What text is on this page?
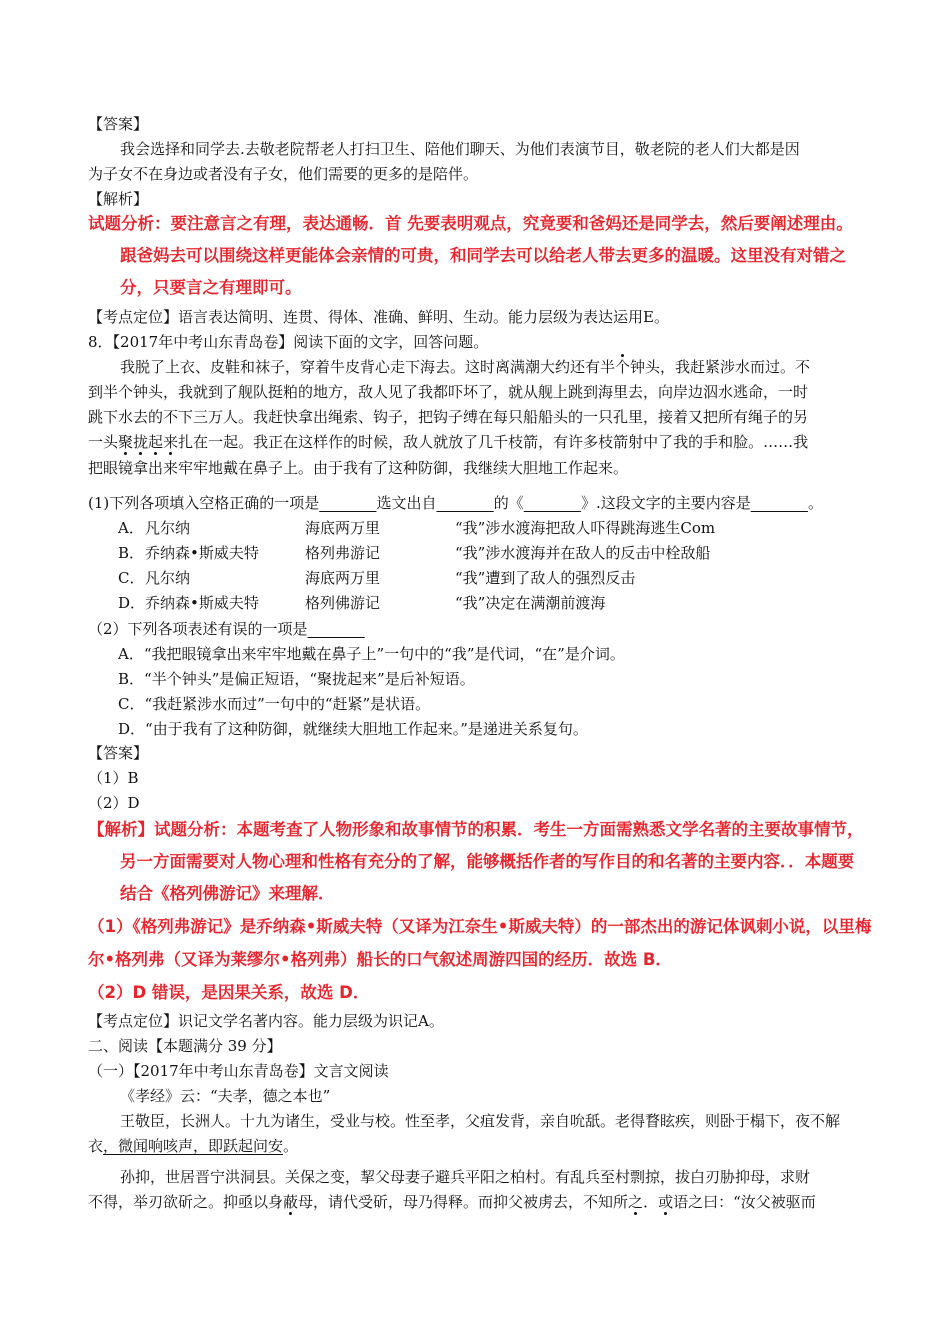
【答案】
我会选择和同学去.去敬老院帮老人打扫卫生、陪他们聊天、为他们表演节目，敬老院的老人们大都是因
为子女不在身边或者没有子女，他们需要的更多的是陪伴。
【解析】
试题分析：要注意言之有理，表达通畅．首 先要表明观点，究竟要和爸妈还是同学去，然后要阐述理由。
跟爸妈去可以围绕这样更能体会亲情的可贵，和同学去可以给老人带去更多的温暖。这里没有对错之
分，只要言之有理即可。
【考点定位】语言表达简明、连贯、得体、准确、鲜明、生动。能力层级为表达运用E。
8．【2017年中考山东青岛卷】阅读下面的文字，回答问题。
我脱了上衣、皮鞋和袜子，穿着牛皮背心走下海去。这时离满潮大约还有半个钟头，我赶紧涉水而过。不
到半个钟头，我就到了舰队挺粕的地方，敌人见了我都吓坏了，就从舰上跳到海里去，向岸边泅水逃命，一时
跳下水去的不下三万人。我赶快拿出绳索、钩子，把钩子缚在每只船船头的一只孔里，接着又把所有绳子的另
一头聚拢起来扎在一起。我正在这样作的时候，敌人就放了几千枝箭，有许多枝箭射中了我的手和脸。……我
把眼镜拿出来牢牢地戴在鼻子上。由于我有了这种防御，我继续大胆地工作起来。
(1)下列各项填入空格正确的一项是	选文出自	的《	》.这段文字的主要内容是	。
A． 凡尔纳	海底两万里	“我”涉水渡海把敌人吓得跳海逃生Com
B． 乔纳森•斯威夫特	格列弗游记	“我”涉水渡海并在敌人的反击中栓敌船
C． 凡尔纳	海底两万里	“我”遭到了敌人的强烈反击
D． 乔纳森•斯威夫特	格列佛游记	“我”决定在满潮前渡海
（2）下列各项表述有误的一项是
A．“我把眼镜拿出来牢牢地戴在鼻子上”一句中的“我”是代词，“在”是介词。
B．“半个钟头”是偏正短语，“聚拢起来”是后补短语。
C．“我赶紧涉水而过”一句中的“赶紧”是状语。
D．“由于我有了这种防御，就继续大胆地工作起来。”是递进关系复句。
【答案】
（1）B
（2）D
【解析】试题分析：本题考查了人物形象和故事情节的积累．考生一方面需熟悉文学名著的主要故事情节，
另一方面需要对人物心理和性格有充分的了解，能够概括作者的写作目的和名著的主要内容．．本题要
结合《格列佛游记》来理解．
（1）《格列弗游记》是乔纳森•斯威夫特（又译为江奈生•斯威夫特）的一部杰出的游记体讽刺小说，以里梅
尔•格列弗（又译为莱缪尔•格列弗）船长的口气叙述周游四国的经历．故选 B．
（2）D 错误，是因果关系，故选 D．
【考点定位】识记文学名著内容。能力层级为识记A。
二、阅读【本题满分 39 分】
（一）【2017年中考山东青岛卷】文言文阅读
《孝经》云：“夫孝，德之本也”
王敬臣，长洲人。十九为诸生，受业与校。性至孝，父疽发背，亲自吮舐。老得瞀眩疾，则卧于榻下，夜不解
衣，微闻响咳声，即跃起问安。
孙抑，世居晋宁洪洞县。关保之变，挈父母妻子避兵平阳之柏村。有乱兵至村剽掠，拔白刃胁抑母，求财
不得，举刃欲斫之。抑亟以身蔽母，请代受斫，母乃得释。而抑父被虏去，不知所之．或语之曰：“汝父被驱而
